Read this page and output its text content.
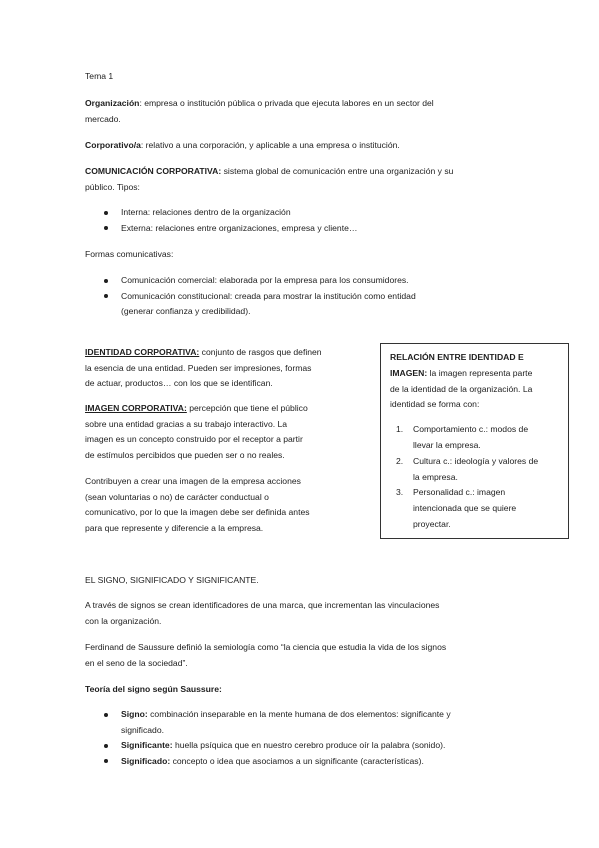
Tema 1

Organización: empresa o institución pública o privada que ejecuta labores en un sector del

mercado.

Corporativo/a: relativo a una corporación, y aplicable a una empresa o institución.

COMUNICACIÓN CORPORATIVA: sistema global de comunicación entre una organización y su

público. Tipos:

Interna: relaciones dentro de la organización
Externa: relaciones entre organizaciones, empresa y cliente…

Formas comunicativas:

Comunicación comercial: elaborada por la empresa para los consumidores.
Comunicación constitucional: creada para mostrar la institución como entidad
(generar confianza y credibilidad).

IDENTIDAD CORPORATIVA: conjunto de rasgos que definen

la esencia de una entidad. Pueden ser impresiones, formas

de actuar, productos… con los que se identifican.

IMAGEN CORPORATIVA: percepción que tiene el público

sobre una entidad gracias a su trabajo interactivo. La

imagen es un concepto construido por el receptor a partir

de estímulos percibidos que pueden ser o no reales.

Contribuyen a crear una imagen de la empresa acciones

(sean voluntarias o no) de carácter conductual o

comunicativo, por lo que la imagen debe ser definida antes

para que represente y diferencie a la empresa.

RELACIÓN ENTRE IDENTIDAD E

IMAGEN: la imagen representa parte

de la identidad de la organización. La

identidad se forma con:

1. Comportamiento c.: modos de
llevar la empresa.
2. Cultura c.: ideología y valores de
la empresa.
3. Personalidad c.: imagen
intencionada que se quiere
proyectar.

EL SIGNO, SIGNIFICADO Y SIGNIFICANTE.

A través de signos se crean identificadores de una marca, que incrementan las vinculaciones

con la organización.

Ferdinand de Saussure definió la semiología como “la ciencia que estudia la vida de los signos

en el seno de la sociedad”.

Teoría del signo según Saussure:

Signo: combinación inseparable en la mente humana de dos elementos: significante y
significado.
Significante: huella psíquica que en nuestro cerebro produce oír la palabra (sonido).
Significado: concepto o idea que asociamos a un significante (características).
